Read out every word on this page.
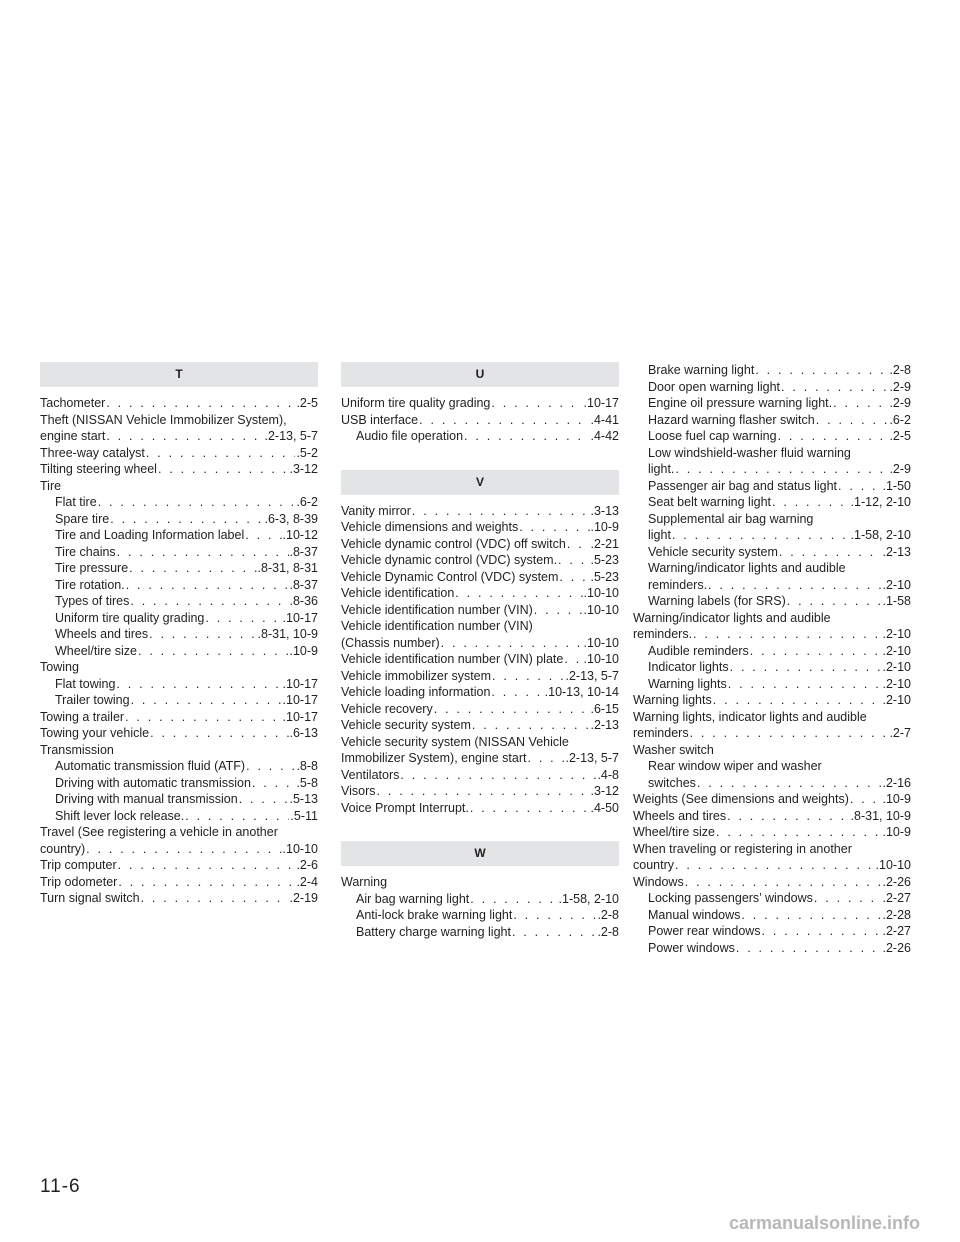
T
Tachometer . . .	.2-5
Theft (NISSAN Vehicle Immobilizer System),
engine start . . .	.2-13, 5-7
Three-way catalyst . . .	.5-2
Tilting steering wheel . . .	.3-12
Tire
Flat tire . . .	.6-2
Spare tire . . .	.6-3, 8-39
Tire and Loading Information label . . .	.10-12
Tire chains . . .	.8-37
Tire pressure . . .	.8-31, 8-31
Tire rotation. . . .	.8-37
Types of tires . . .	.8-36
Uniform tire quality grading . . .	.10-17
Wheels and tires . . .	.8-31, 10-9
Wheel/tire size . . .	.10-9
Towing
Flat towing . . .	.10-17
Trailer towing . . .	.10-17
Towing a trailer . . .	.10-17
Towing your vehicle . . .	.6-13
Transmission
Automatic transmission fluid (ATF) . . .	.8-8
Driving with automatic transmission . . .	.5-8
Driving with manual transmission . . .	.5-13
Shift lever lock release. . . .	.5-11
Travel (See registering a vehicle in another
country) . . .	.10-10
Trip computer . . .	.2-6
Trip odometer . . .	.2-4
Turn signal switch . . .	.2-19
U
Uniform tire quality grading . . .	.10-17
USB interface . . .	.4-41
Audio file operation . . .	.4-42
V
Vanity mirror . . .	.3-13
Vehicle dimensions and weights . . .	.10-9
Vehicle dynamic control (VDC) off switch . . . .2-21
Vehicle dynamic control (VDC) system. . . .	.5-23
Vehicle Dynamic Control (VDC) system . . .	.5-23
Vehicle identification . . .	.10-10
Vehicle identification number (VIN) . . .	.10-10
Vehicle identification number (VIN)
(Chassis number) . . .	.10-10
Vehicle identification number (VIN) plate . . . .10-10
Vehicle immobilizer system . . .	.2-13, 5-7
Vehicle loading information . . .	.10-13, 10-14
Vehicle recovery . . .	.6-15
Vehicle security system . . .	.2-13
Vehicle security system (NISSAN Vehicle
Immobilizer System), engine start . . .	.2-13, 5-7
Ventilators . . .	.4-8
Visors . . .	.3-12
Voice Prompt Interrupt. . . .	.4-50
W
Warning
Air bag warning light . . .	.1-58, 2-10
Anti-lock brake warning light . . .	.2-8
Battery charge warning light . . .	.2-8
Brake warning light . . .	.2-8
Door open warning light . . .	.2-9
Engine oil pressure warning light. . . .	.2-9
Hazard warning flasher switch . . .	.6-2
Loose fuel cap warning . . .	.2-5
Low windshield-washer fluid warning
light. . . .	.2-9
Passenger air bag and status light . . .	.1-50
Seat belt warning light . . .	.1-12, 2-10
Supplemental air bag warning
light . . .	.1-58, 2-10
Vehicle security system . . .	.2-13
Warning/indicator lights and audible
reminders. . . .	.2-10
Warning labels (for SRS) . . .	.1-58
Warning/indicator lights and audible
reminders. . . .	.2-10
Audible reminders . . .	.2-10
Indicator lights . . .	.2-10
Warning lights . . .	.2-10
Warning lights . . .	.2-10
Warning lights, indicator lights and audible
reminders . . .	.2-7
Washer switch
Rear window wiper and washer
switches . . .	.2-16
Weights (See dimensions and weights) . . .	.10-9
Wheels and tires . . .	.8-31, 10-9
Wheel/tire size . . .	.10-9
When traveling or registering in another
country . . .	.10-10
Windows . . .	.2-26
Locking passengers’ windows . . .	.2-27
Manual windows . . .	.2-28
Power rear windows . . .	.2-27
Power windows . . .	.2-26
11-6
carmanualsonline.info
